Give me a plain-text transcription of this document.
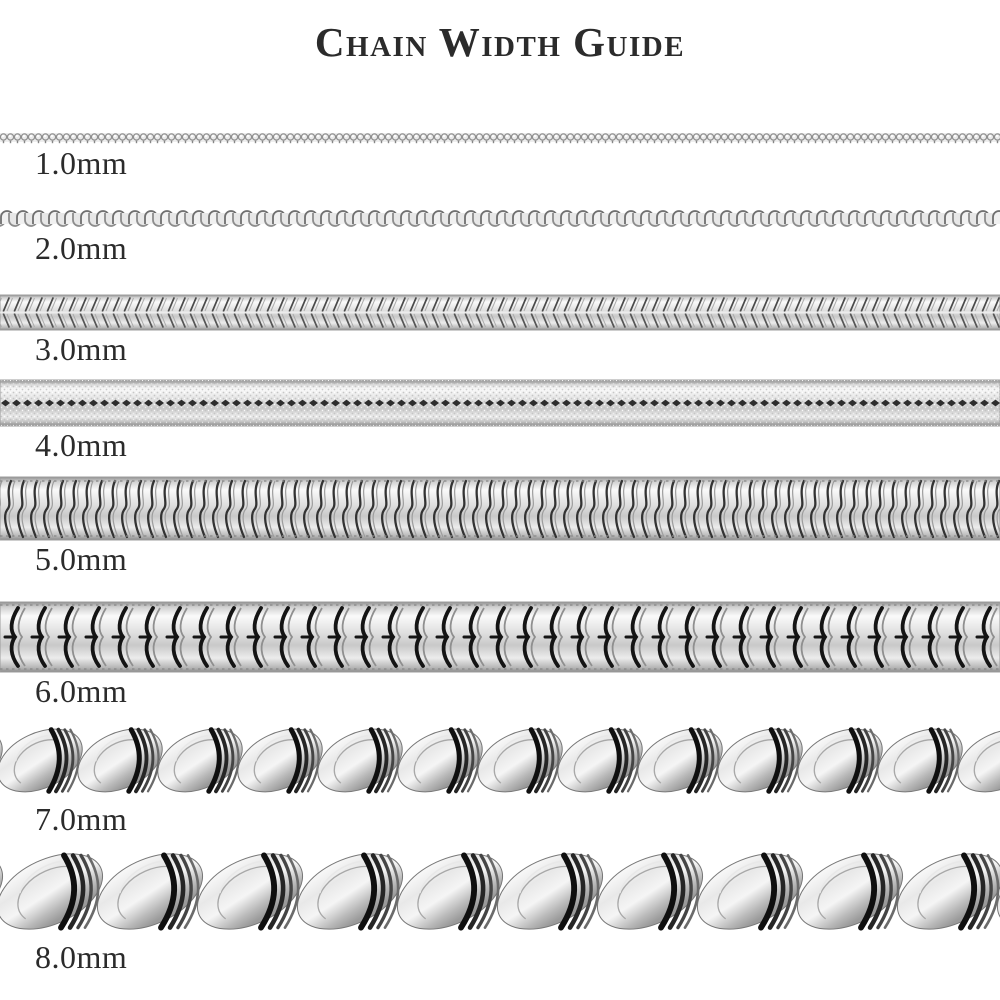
Chain Width Guide
1.0mm
2.0mm
3.0mm
4.0mm
5.0mm
6.0mm
7.0mm
8.0mm
